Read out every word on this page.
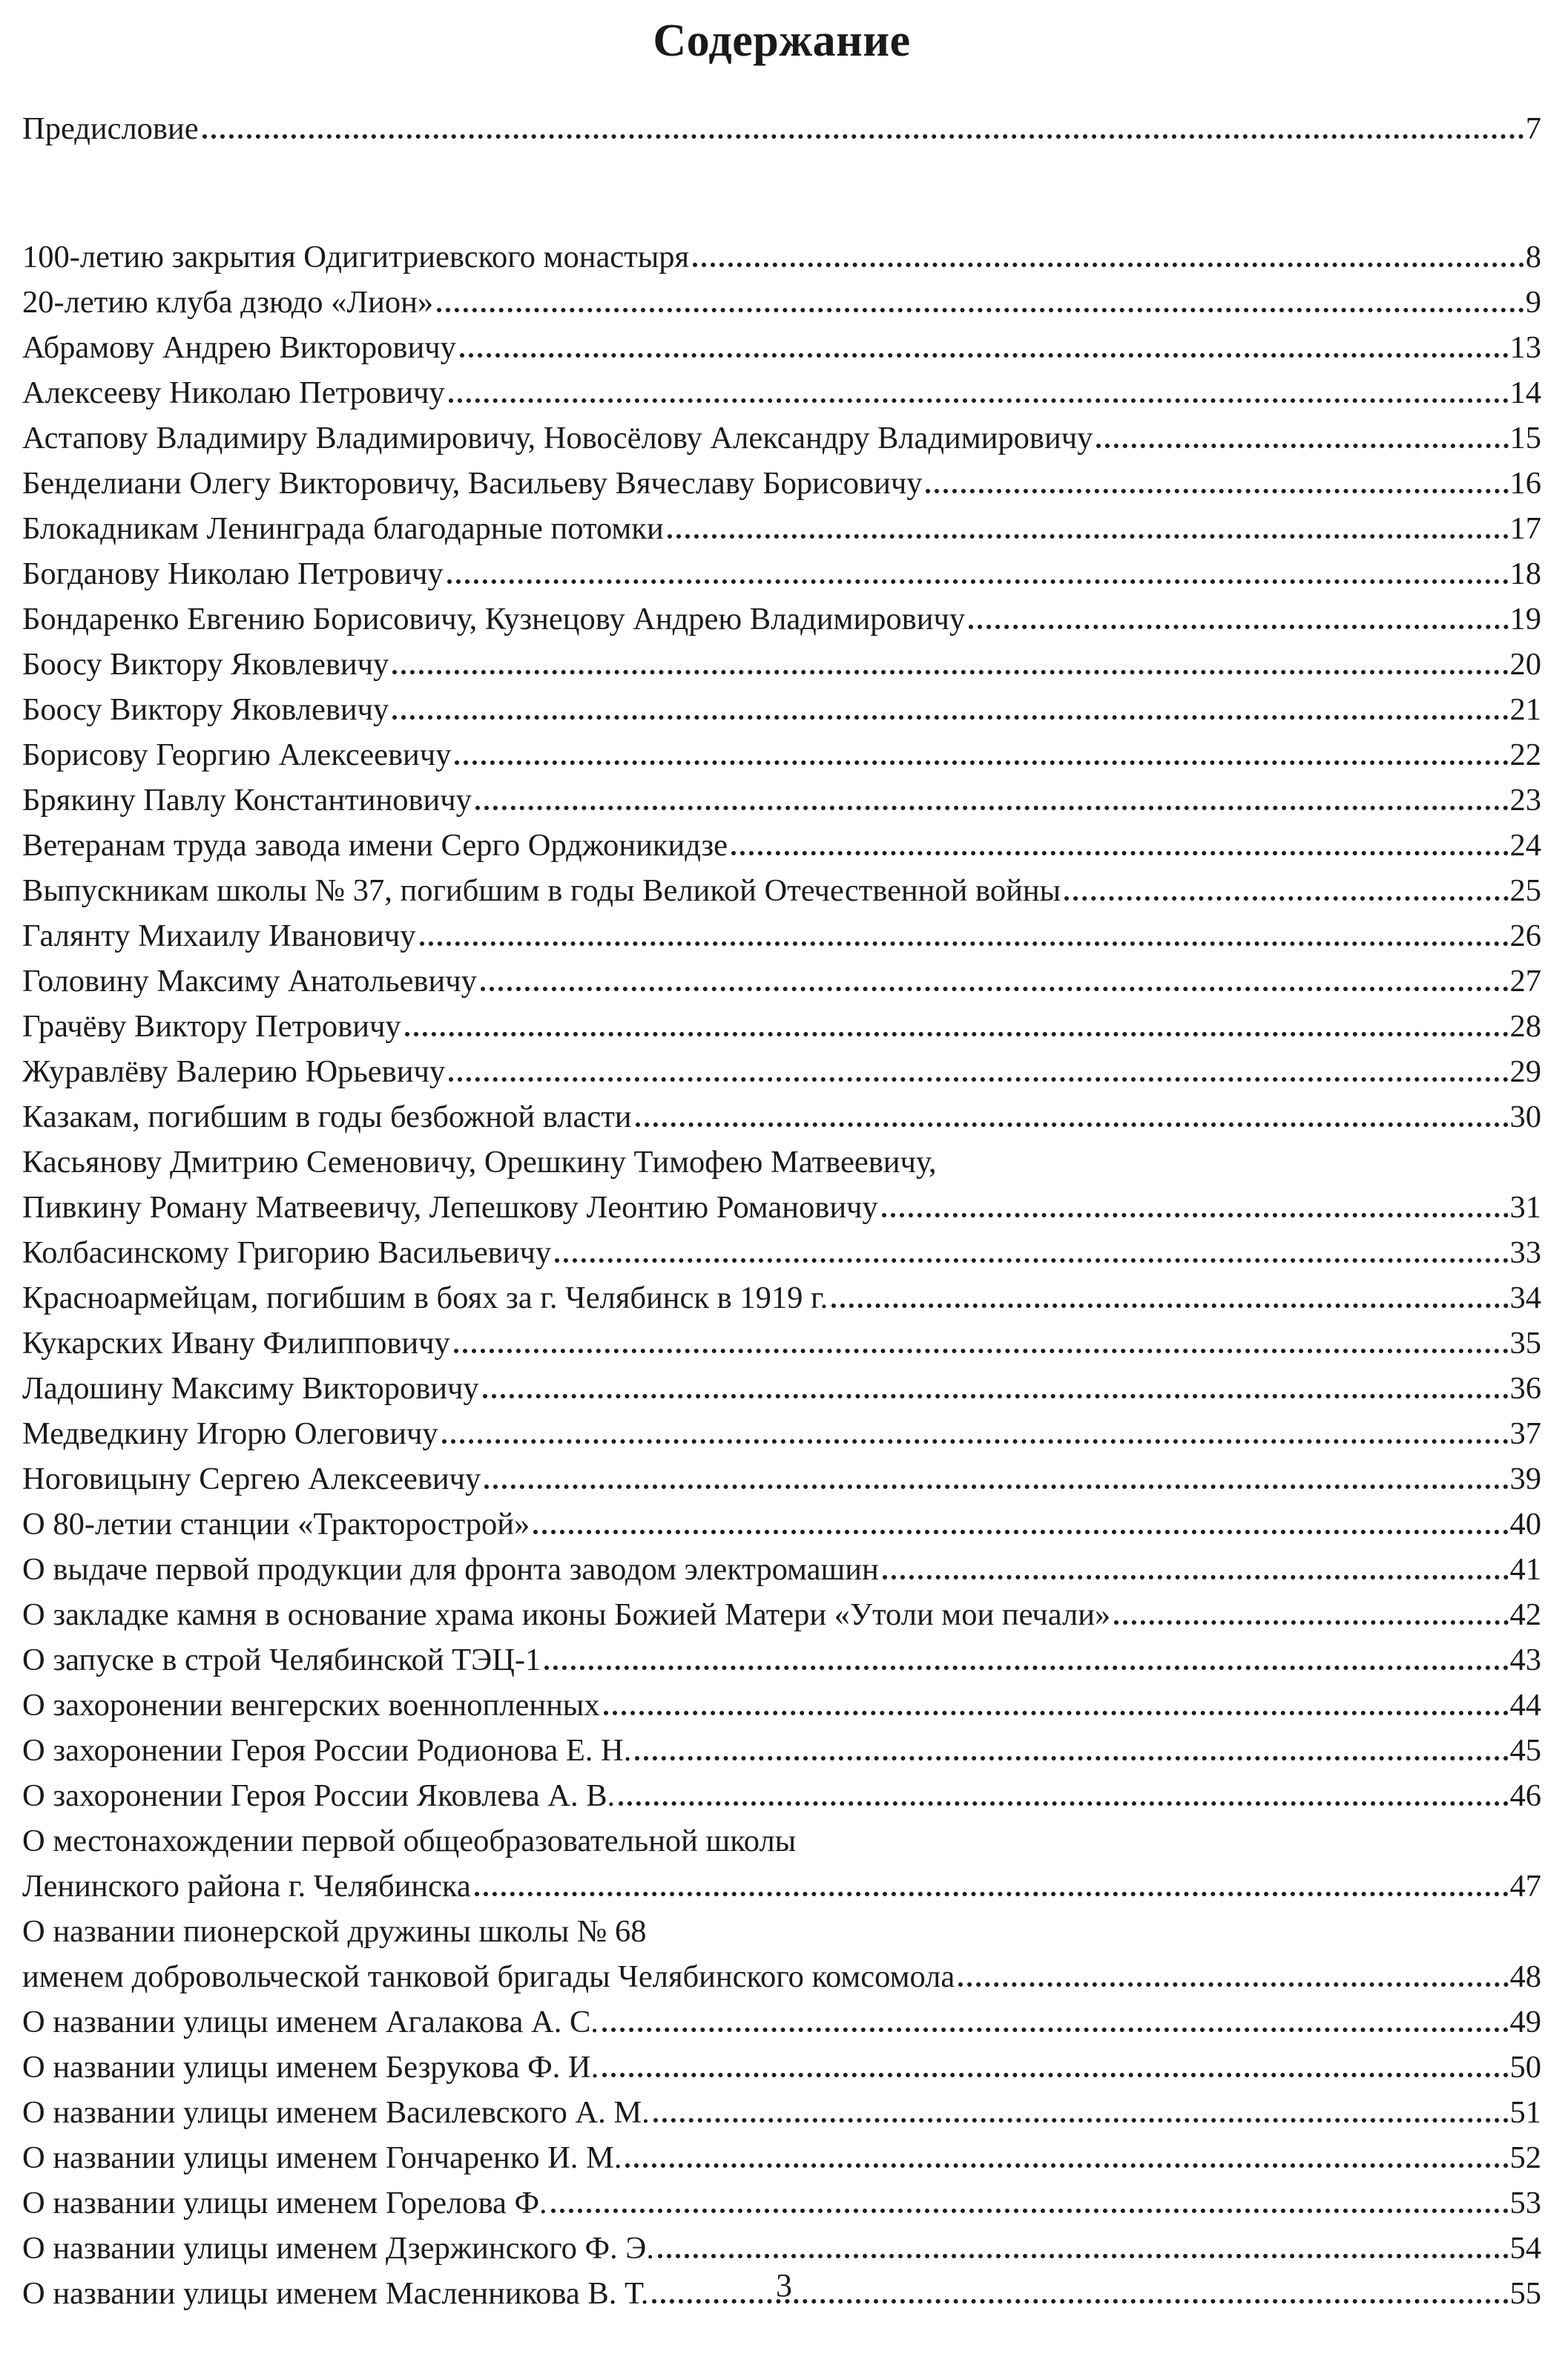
Содержание
Предисловие	7
100-летию закрытия Одигитриевского монастыря	8
20-летию клуба дзюдо «Лион»	9
Абрамову Андрею Викторовичу	13
Алексееву Николаю Петровичу	14
Астапову Владимиру Владимировичу, Новосёлову Александру Владимировичу	15
Бенделиани Олегу Викторовичу, Васильеву Вячеславу Борисовичу	16
Блокадникам Ленинграда благодарные потомки	17
Богданову Николаю Петровичу	18
Бондаренко Евгению Борисовичу, Кузнецову Андрею Владимировичу	19
Боосу Виктору Яковлевичу	20
Боосу Виктору Яковлевичу	21
Борисову Георгию Алексеевичу	22
Брякину Павлу Константиновичу	23
Ветеранам труда завода имени Серго Орджоникидзе	24
Выпускникам школы № 37, погибшим в годы Великой Отечественной войны	25
Галянту Михаилу Ивановичу	26
Головину Максиму Анатольевичу	27
Грачёву Виктору Петровичу	28
Журавлёву Валерию Юрьевичу	29
Казакам, погибшим в годы безбожной власти	30
Касьянову Дмитрию Семеновичу, Орешкину Тимофею Матвеевичу,
Пивкину Роману Матвеевичу, Лепешкову Леонтию Романовичу	31
Колбасинскому Григорию Васильевичу	33
Красноармейцам, погибшим в боях за г. Челябинск в 1919 г.	34
Кукарских Ивану Филипповичу	35
Ладошину Максиму Викторовичу	36
Медведкину Игорю Олеговичу	37
Ноговицыну Сергею Алексеевичу	39
О 80-летии станции «Тракторострой»	40
О выдаче первой продукции для фронта заводом электромашин	41
О закладке камня в основание храма иконы Божией Матери «Утоли мои печали»	42
О запуске в строй Челябинской ТЭЦ-1	43
О захоронении венгерских военнопленных	44
О захоронении Героя России Родионова Е. Н.	45
О захоронении Героя России Яковлева А. В.	46
О местонахождении первой общеобразовательной школы
Ленинского района г. Челябинска	47
О названии пионерской дружины школы № 68
именем добровольческой танковой бригады Челябинского комсомола	48
О названии улицы именем Агалакова А. С.	49
О названии улицы именем Безрукова Ф. И.	50
О названии улицы именем Василевского А. М.	51
О названии улицы именем Гончаренко И. М.	52
О названии улицы именем Горелова Ф.	53
О названии улицы именем Дзержинского Ф. Э.	54
О названии улицы именем Масленникова В. Т.	55
3
